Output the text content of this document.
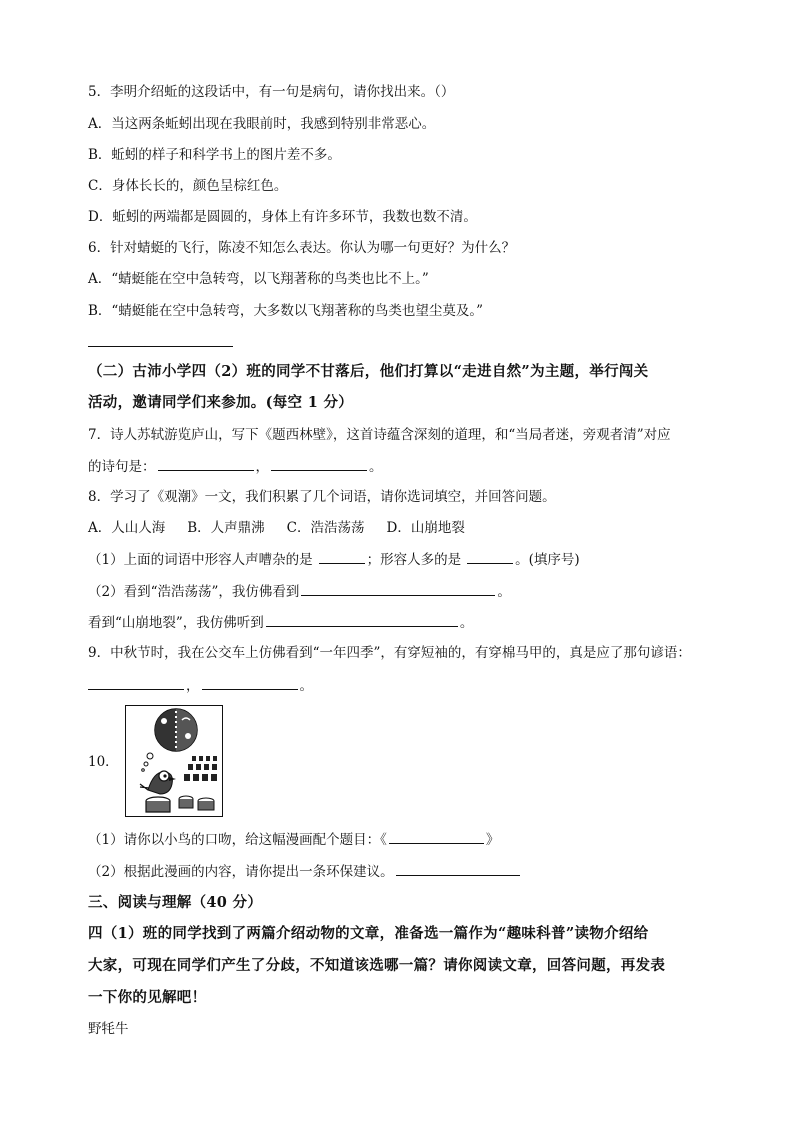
5．李明介绍蚯的这段话中，有一句是病句，请你找出来。（）
A．当这两条蚯蚓出现在我眼前时，我感到特别非常恶心。
B．蚯蚓的样子和科学书上的图片差不多。
C．身体长长的，颜色呈棕红色。
D．蚯蚓的两端都是圆圆的，身体上有许多环节，我数也数不清。
6．针对蜻蜓的飞行，陈凌不知怎么表达。你认为哪一句更好？为什么？
A．“蜻蜓能在空中急转弯，以飞翔著称的鸟类也比不上。”
B．“蜻蜓能在空中急转弯，大多数以飞翔著称的鸟类也望尘莫及。”
（二）古沛小学四（2）班的同学不甘落后，他们打算以“走进自然”为主题，举行闯关
活动，邀请同学们来参加。(每空 1 分）
7．诗人苏轼游览庐山，写下《题西林壁》，这首诗蕴含深刻的道理，和“当局者迷，旁观者清”对应
的诗句是：	，	。
8．学习了《观潮》一文，我们积累了几个词语，请你选词填空，并回答问题。
A．人山人海 B．人声鼎沸 C．浩浩荡荡 D．山崩地裂
（1）上面的词语中形容人声嘈杂的是	；形容人多的是	。(填序号)
（2）看到“浩浩荡荡”，我仿佛看到	。
看到“山崩地裂”，我仿佛听到	。
9．中秋节时，我在公交车上仿佛看到“一年四季”，有穿短袖的，有穿棉马甲的，真是应了那句谚语：
，	。
10．
（1）请你以小鸟的口吻，给这幅漫画配个题目：《	》
（2）根据此漫画的内容，请你提出一条环保建议。
三、阅读与理解（40 分）
四（1）班的同学找到了两篇介绍动物的文章，准备选一篇作为“趣味科普”读物介绍给
大家，可现在同学们产生了分歧，不知道该选哪一篇？请你阅读文章，回答问题，再发表
一下你的见解吧！
野牦牛
